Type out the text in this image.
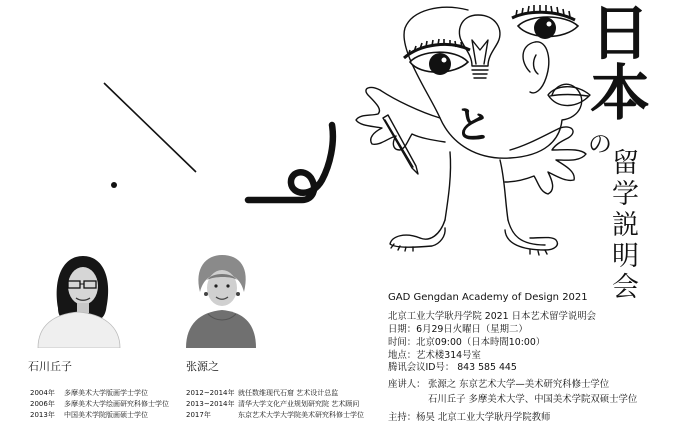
と
日
本
の
留
学
説
明
会
石川丘子	张源之
2004年 多摩美术大学版画学士学位
2006年 多摩美术大学绘画研究科修士学位
2013年 中国美术学院版画硕士学位
2012~2014年 就任数维现代石窟 艺术设计总监
2013~2014年 清华大学文化产业规划研究院 艺术顾问
2017年	东京艺术大学大学院美术研究科修士学位
GAD Gengdan Academy of Design 2021
北京工业大学耿丹学院 2021 日本艺术留学说明会
日期：6月29日火曜日（星期二）
时间：北京09:00（日本時間10:00）
地点：艺术楼314号室
腾讯会议ID号： 843 585 445
座讲人： 张源之 东京艺术大学—美术研究科修士学位
石川丘子 多摩美术大学、中国美术学院双硕士学位
主持：杨昊 北京工业大学耿丹学院教师
